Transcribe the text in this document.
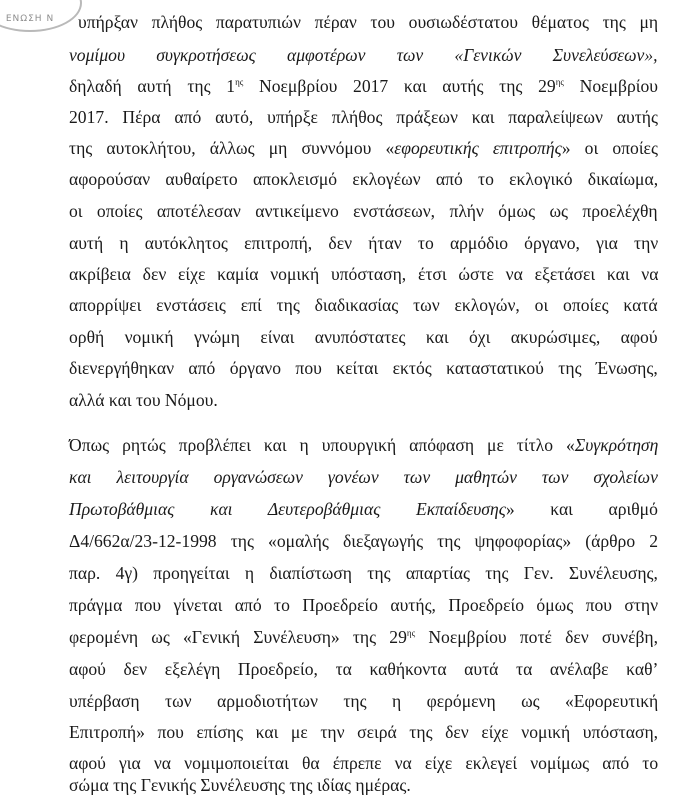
ΕΝΩΣΗ Ν υπήρξαν πλήθος παρατυπιών πέραν του ουσιωδέστατου θέματος της μη
νομίμου συγκροτήσεως αμφοτέρων των «Γενικών Συνελεύσεων»,
δηλαδή αυτή της $1^{\eta\varsigma}$ Νοεμβρίου 2017 και αυτής της $29^{\eta\varsigma}$ Νοεμβρίου
2017. Πέρα από αυτό, υπήρξε πλήθος πράξεων και παραλείψεων αυτής
της αυτοκλήτου, άλλως μη συννόμου «εφορευτικής επιτροπής» οι οποίες
αφορούσαν αυθαίρετο αποκλεισμό εκλογέων από το εκλογικό δικαίωμα,
οι οποίες αποτέλεσαν αντικείμενο ενστάσεων, πλήν όμως ως προελέχθη
αυτή η αυτόκλητος επιτροπή, δεν ήταν το αρμόδιο όργανο, για την
ακρίβεια δεν είχε καμία νομική υπόσταση, έτσι ώστε να εξετάσει και να
απορρίψει ενστάσεις επί της διαδικασίας των εκλογών, οι οποίες κατά
ορθή νομική γνώμη είναι ανυπόστατες και όχι ακυρώσιμες, αφού
διενεργήθηκαν από όργανο που κείται εκτός καταστατικού της Ένωσης,
αλλά και του Νόμου.
Όπως ρητώς προβλέπει και η υπουργική απόφαση με τίτλο «Συγκρότηση
και λειτουργία οργανώσεων γονέων των μαθητών των σχολείων
Πρωτοβάθμιας και Δευτεροβάθμιας Εκπαίδευσης» και αριθμό
Δ4/662α/23-12-1998 της «ομαλής διεξαγωγής της ψηφοφορίας» (άρθρο 2
παρ. 4γ) προηγείται η διαπίστωση της απαρτίας της Γεν. Συνέλευσης,
πράγμα που γίνεται από το Προεδρείο αυτής, Προεδρείο όμως που στην
φερομένη ως «Γενική Συνέλευση» της $29^{\eta\varsigma}$ Νοεμβρίου ποτέ δεν συνέβη,
αφού δεν εξελέγη Προεδρείο, τα καθήκοντα αυτά τα ανέλαβε καθ’
υπέρβαση των αρμοδιοτήτων της η φερόμενη ως «Εφορευτική
Επιτροπή» που επίσης και με την σειρά της δεν είχε νομική υπόσταση,
αφού για να νομιμοποιείται θα έπρεπε να είχε εκλεγεί νομίμως από το
σώμα της Γενικής Συνέλευσης της ιδίας ημέρας.
